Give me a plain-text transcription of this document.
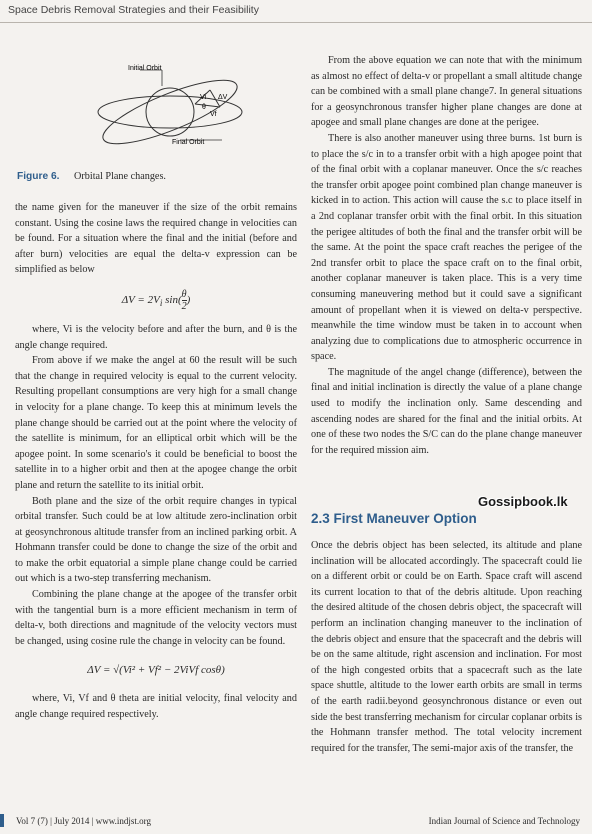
Space Debris Removal Strategies and their Feasibility
Initial Orbit
Final Orbit
Vi ΔV
θ
Vf
Figure 6. Orbital Plane changes.

the name given for the maneuver if the size of the orbit remains constant. Using the cosine laws the required change in velocities can be found. For a situation where the final and the initial (before and after burn) velocities are equal the delta-v expression can be simplified as below

$\Delta V = 2V_i$ $\sin( \frac{\theta}{2}$ )

where, Vi is the velocity before and after the burn, and θ is the angle change required.

From above if we make the angel at 60 the result will be such that the change in required velocity is equal to the current velocity. Resulting propellant consumptions are very high for a small change in velocity for a plane change. To keep this at minimum levels the plane change should be carried out at the point where the velocity of the satellite is minimum, for an elliptical orbit which will be the apogee point. In some scenario's it could be beneficial to boost the satellite in to a higher orbit and then at the apogee change the orbit plane and return the satellite to its initial orbit.

Both plane and the size of the orbit require changes in typical orbital transfer. Such could be at low altitude zero-inclination orbit at geosynchronous altitude transfer from an inclined parking orbit. A Hohmann transfer could be done to change the size of the orbit and to make the orbit equatorial a simple plane change could be carried out which is a two-step transferring mechanism.

Combining the plane change at the apogee of the transfer orbit with the tangential burn is a more efficient mechanism in term of delta-v, both directions and magnitude of the velocity vectors must be changed, using cosine rule the change in velocity can be found.

ΔV = √(Vi² + Vf² − 2ViVf cosθ)

where, Vi, Vf and θ theta are initial velocity, final velocity and angle change required respectively.

From the above equation we can note that with the minimum as almost no effect of delta-v or propellant a small altitude change can be combined with a small plane change7. In general situations for a geosynchronous transfer higher plane changes are done at apogee and small plane changes are done at the perigee.

There is also another maneuver using three burns. 1st burn is to place the s/c in to a transfer orbit with a high apogee point that of the final orbit with a coplanar maneuver. Once the s/c reaches the transfer orbit apogee point combined plan change maneuver is kicked in to action. This action will cause the s.c to place itself in a 2nd coplanar transfer orbit with the final orbit. In this situation the perigee altitudes of both the final and the transfer orbit will be the same. At the point the space craft reaches the perigee of the 2nd transfer orbit to place the space craft on to the final orbit, another coplanar maneuver is taken place. This is a very time consuming maneuvering method but it could save a significant amount of propellant when it is viewed on delta-v perspective. meanwhile the time window must be taken in to account when analyzing due to complications due to atmospheric occurrence in space.

The magnitude of the angel change (difference), between the final and initial inclination is directly the value of a plane change used to modify the inclination only. Same descending and ascending nodes are shared for the final and the initial orbits. At one of these two nodes the S/C can do the plane change maneuver for the required mission aim.

Gossipbook.lk
2.3 First Maneuver Option

Once the debris object has been selected, its altitude and plane inclination will be allocated accordingly. The spacecraft could lie on a different orbit or could be on Earth. Space craft will ascend its current location to that of the debris altitude. Upon reaching the desired altitude of the chosen debris object, the spacecraft will perform an inclination changing maneuver to the inclination of the debris object and ensure that the spacecraft and the debris will be on the same altitude, right ascension and inclination. For most of the high congested orbits that a spacecraft such as the late space shuttle, altitude to the lower earth orbits are small in terms of the earth radii.beyond geosynchronous distance or even out side the best transferring mechanism for circular coplanar orbits is the Hohmann transfer method. The total velocity increment required for the transfer, The semi-major axis of the transfer, the

Vol 7 (7) | July 2014 | www.indjst.org	Indian Journal of Science and Technology
